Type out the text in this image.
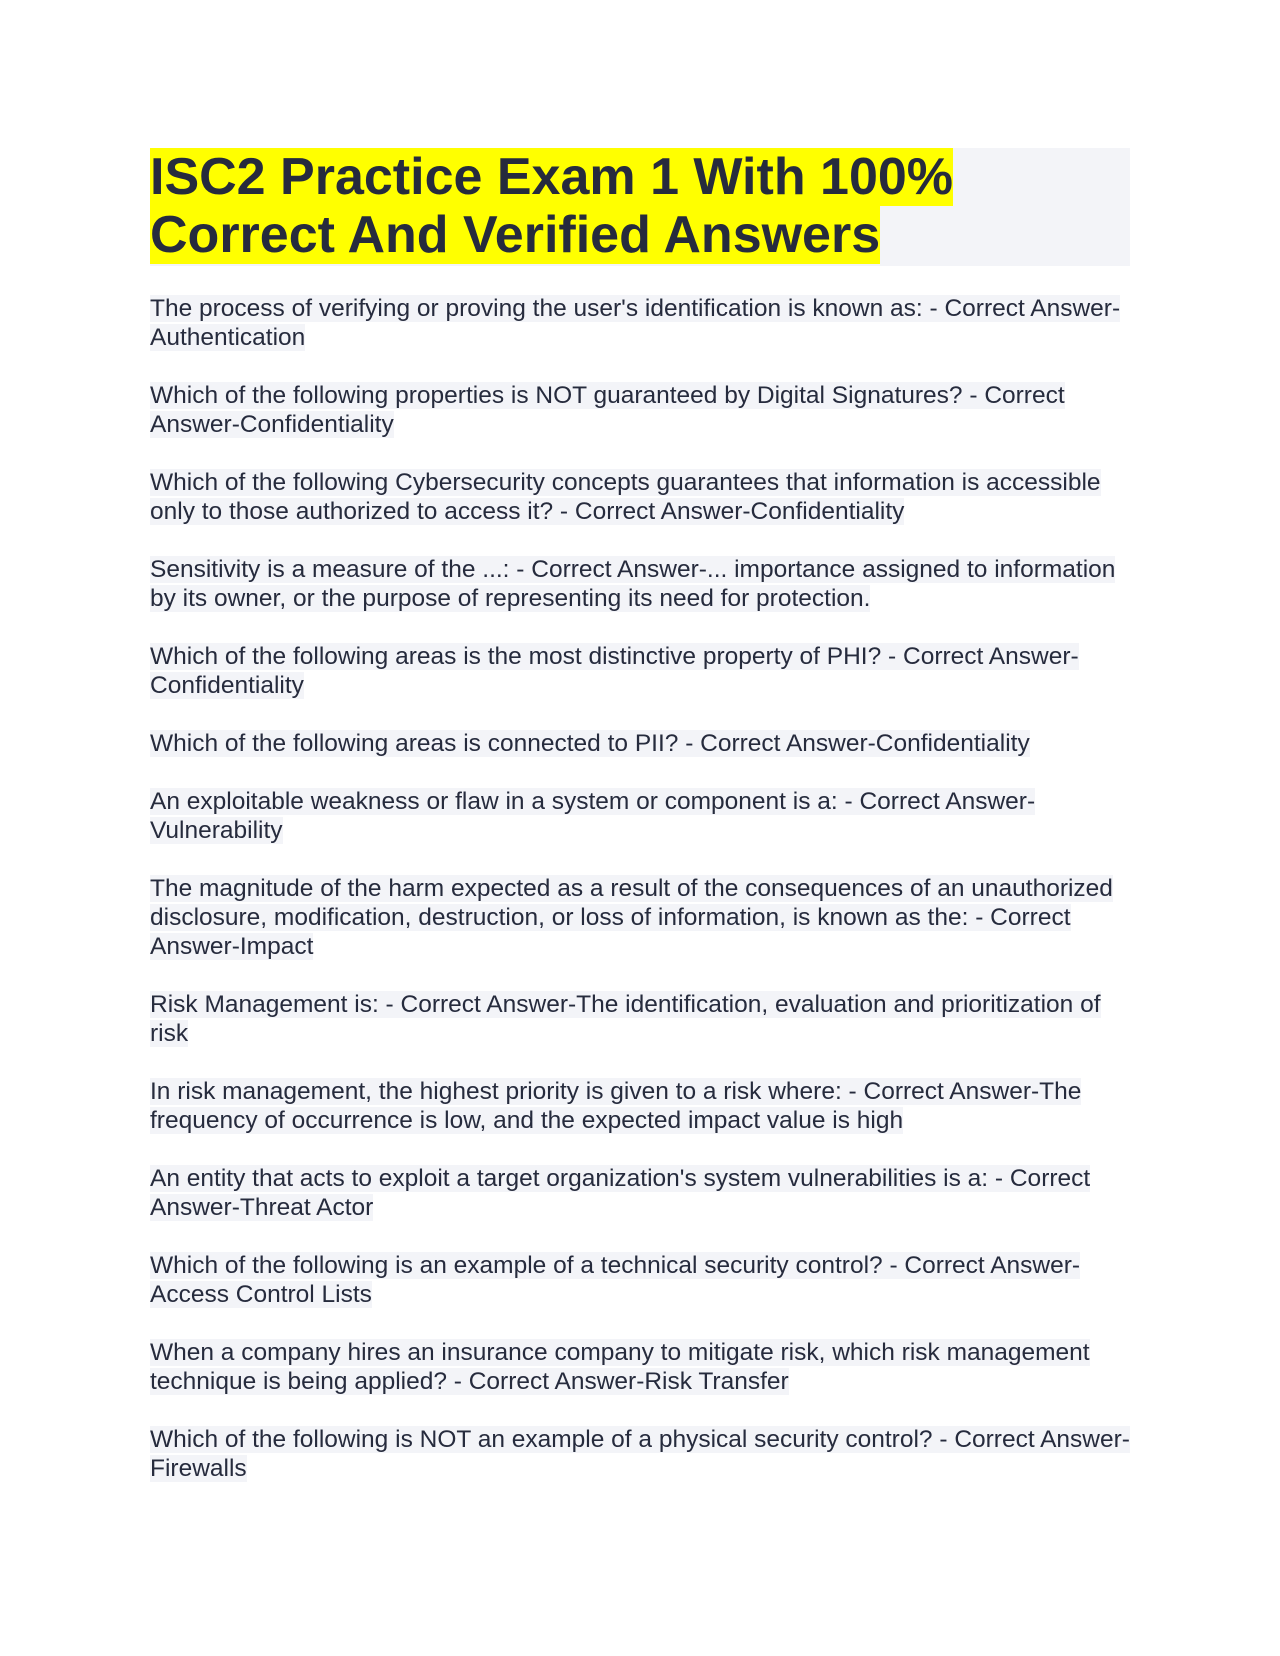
ISC2 Practice Exam 1 With 100% Correct And Verified Answers
The process of verifying or proving the user's identification is known as: - Correct Answer-Authentication
Which of the following properties is NOT guaranteed by Digital Signatures? - Correct Answer-Confidentiality
Which of the following Cybersecurity concepts guarantees that information is accessible only to those authorized to access it? - Correct Answer-Confidentiality
Sensitivity is a measure of the ...: - Correct Answer-... importance assigned to information by its owner, or the purpose of representing its need for protection.
Which of the following areas is the most distinctive property of PHI? - Correct Answer-Confidentiality
Which of the following areas is connected to PII? - Correct Answer-Confidentiality
An exploitable weakness or flaw in a system or component is a: - Correct Answer-Vulnerability
The magnitude of the harm expected as a result of the consequences of an unauthorized disclosure, modification, destruction, or loss of information, is known as the: - Correct Answer-Impact
Risk Management is: - Correct Answer-The identification, evaluation and prioritization of risk
In risk management, the highest priority is given to a risk where: - Correct Answer-The frequency of occurrence is low, and the expected impact value is high
An entity that acts to exploit a target organization's system vulnerabilities is a: - Correct Answer-Threat Actor
Which of the following is an example of a technical security control? - Correct Answer-Access Control Lists
When a company hires an insurance company to mitigate risk, which risk management technique is being applied? - Correct Answer-Risk Transfer
Which of the following is NOT an example of a physical security control? - Correct Answer-Firewalls
